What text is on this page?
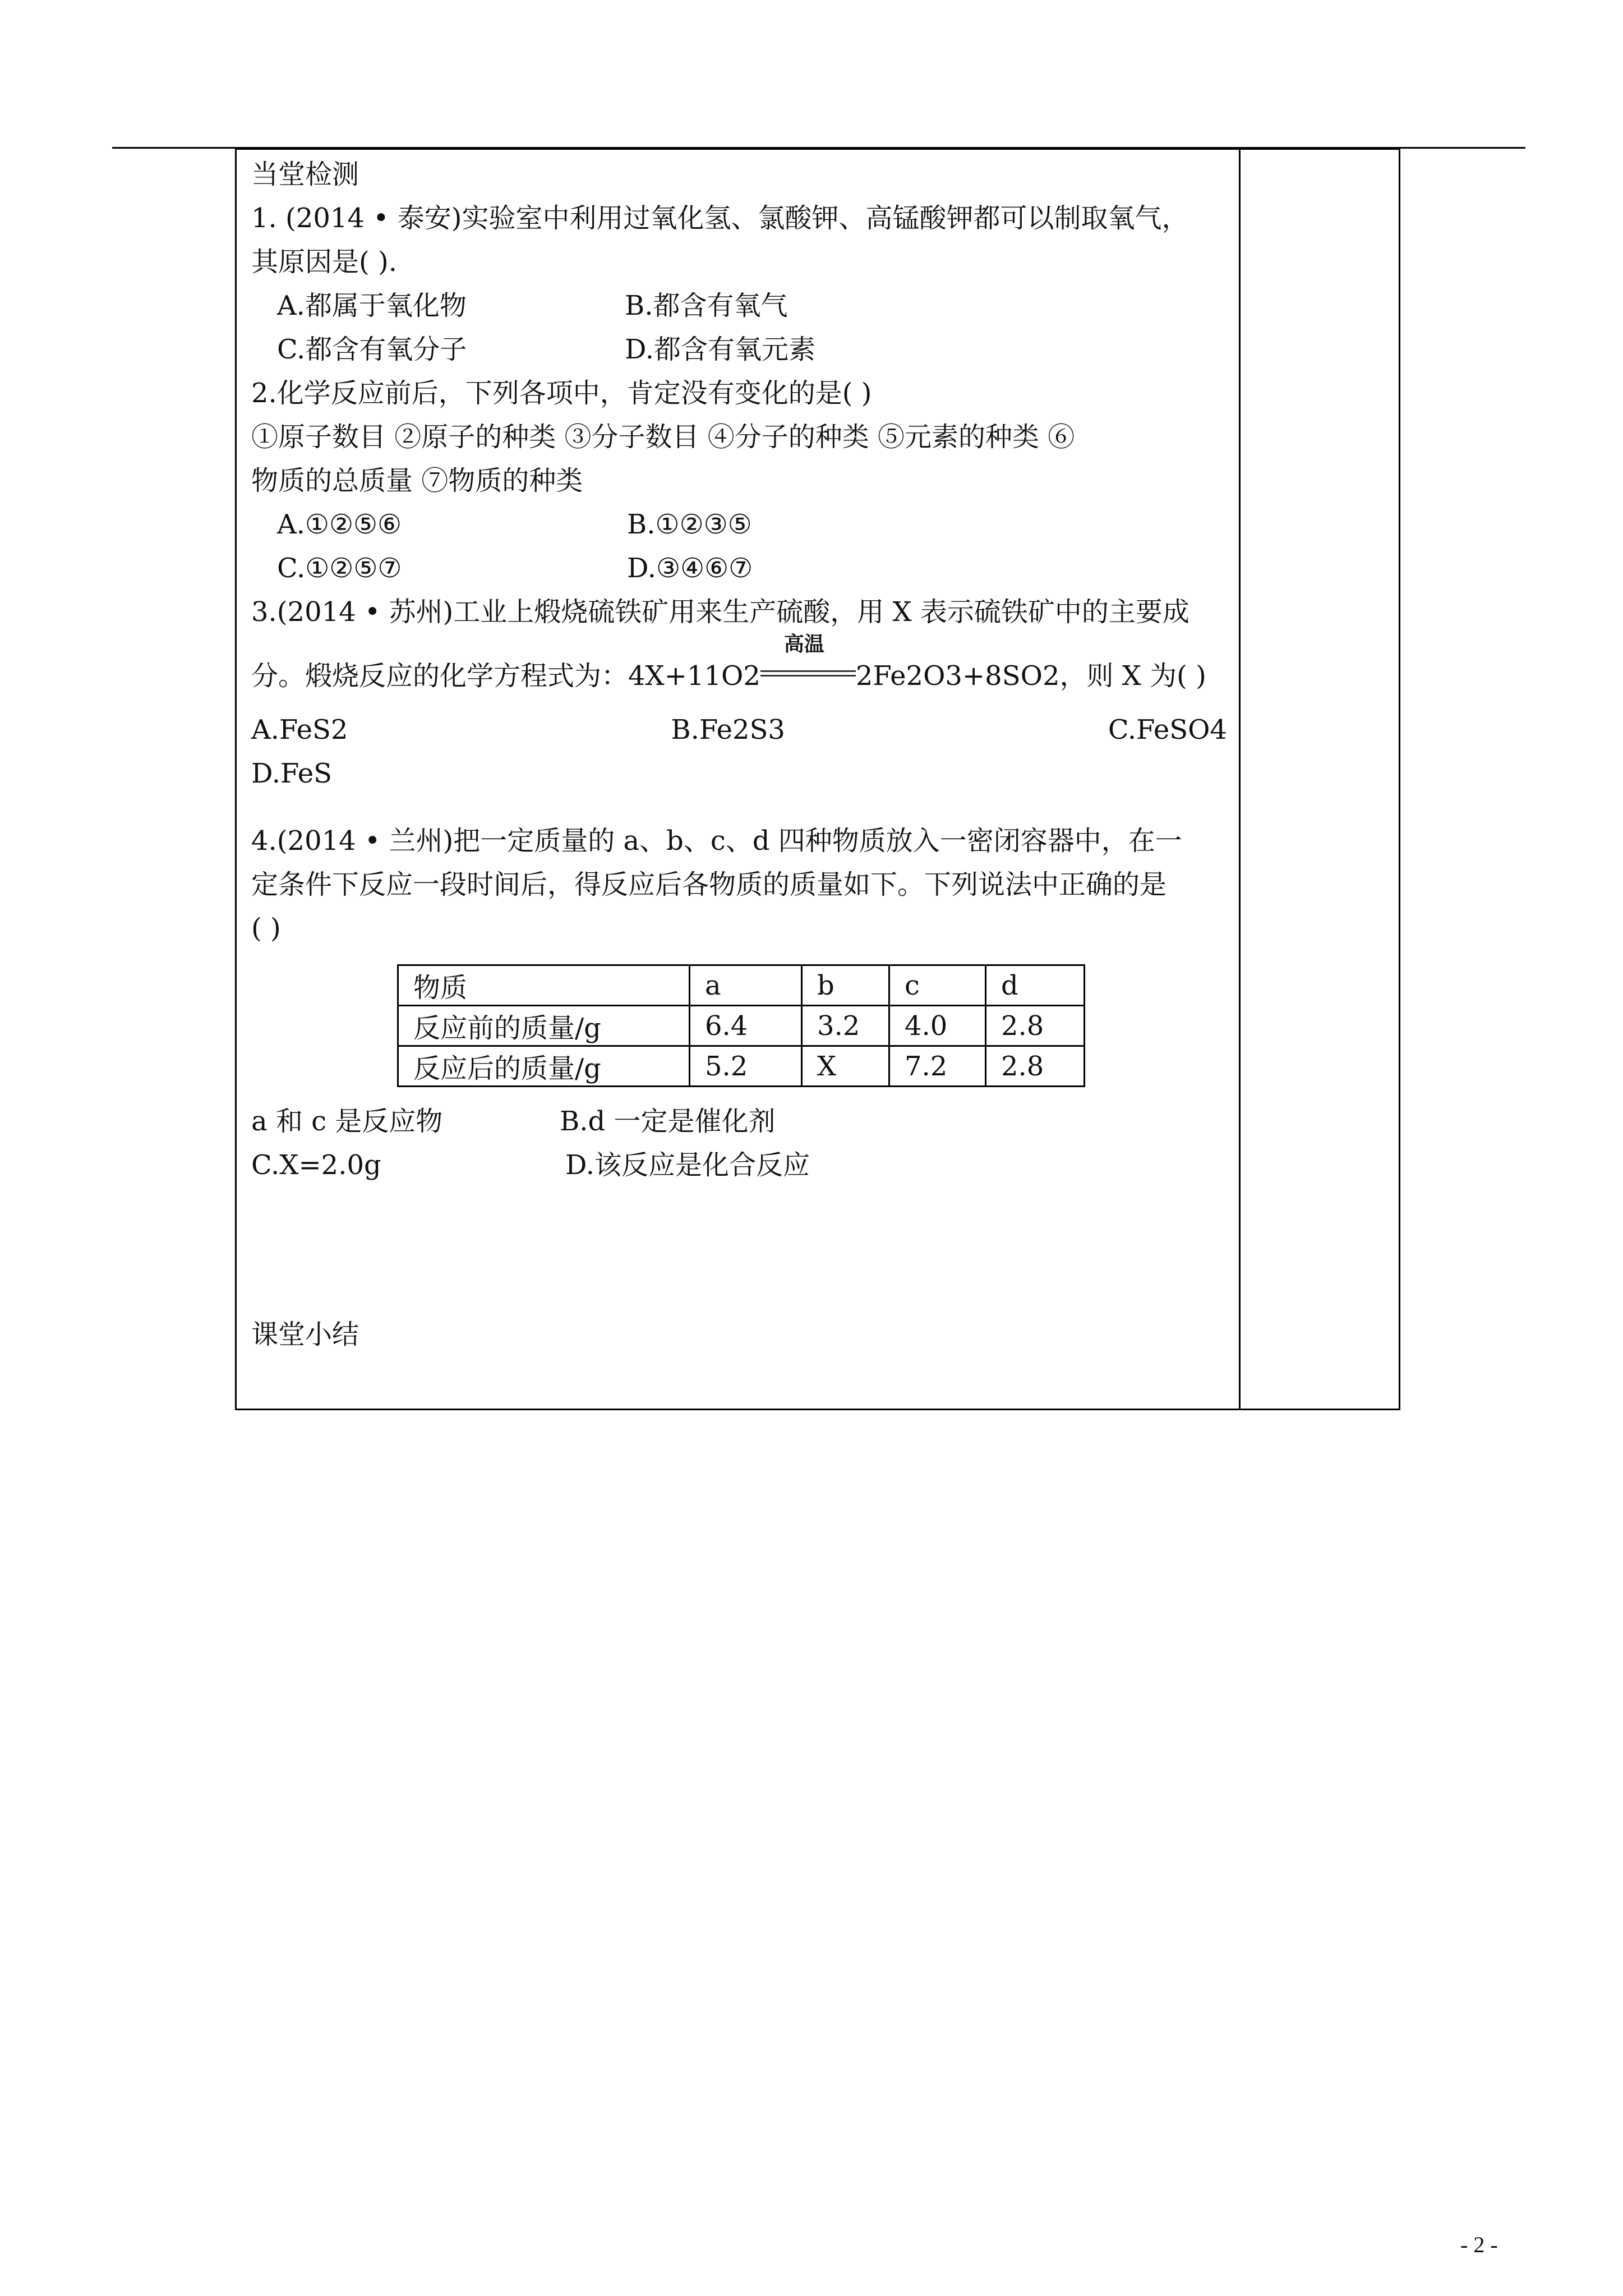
当堂检测
1. (2014 • 泰安)实验室中利用过氧化氢、氯酸钾、高锰酸钾都可以制取氧气，
其原因是( ).
A.都属于氧化物	B.都含有氧气
C.都含有氧分子	D.都含有氧元素
2.化学反应前后，下列各项中，肯定没有变化的是( )
①原子数目 ②原子的种类 ③分子数目 ④分子的种类 ⑤元素的种类 ⑥
物质的总质量 ⑦物质的种类
A.①②⑤⑥	B.①②③⑤
C.①②⑤⑦	D.③④⑥⑦
3.(2014 • 苏州)工业上煅烧硫铁矿用来生产硫酸，用 X 表示硫铁矿中的主要成
分。煅烧反应的化学方程式为：4X+11O2
高温
2Fe2O3+8SO2，则 X 为( )
A.FeS2	B.Fe2S3	C.FeSO4
D.FeS
4.(2014 • 兰州)把一定质量的 a、b、c、d 四种物质放入一密闭容器中，在一
定条件下反应一段时间后，得反应后各物质的质量如下。下列说法中正确的是
( )
物质	a	b	c	d
反应前的质量/g	6.4	3.2	4.0	2.8
反应后的质量/g	5.2	X	7.2	2.8
a 和 c 是反应物	B.d 一定是催化剂
C.X=2.0g	D.该反应是化合反应
课堂小结
- 2 -
